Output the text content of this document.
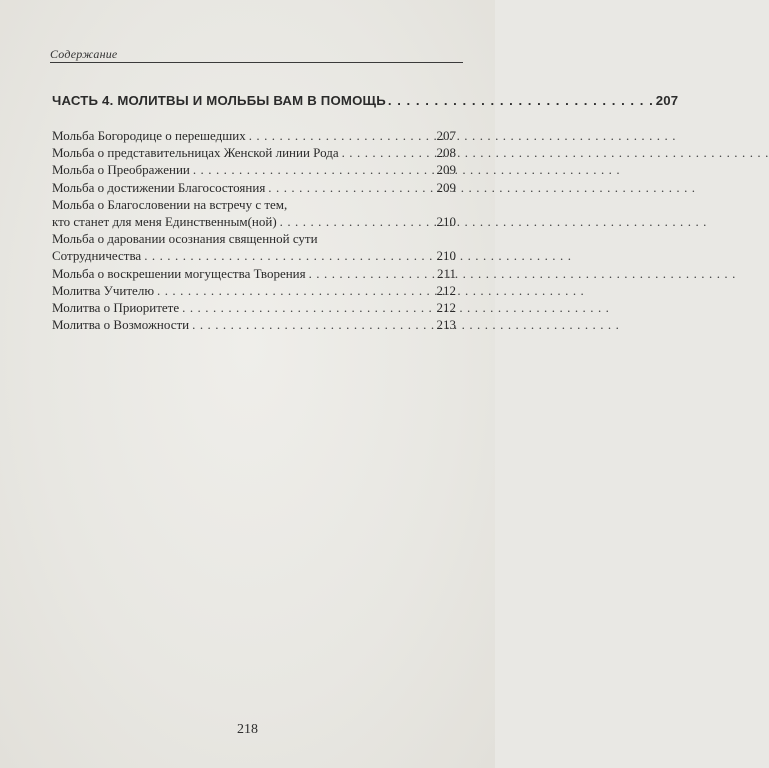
Содержание
ЧАСТЬ 4. МОЛИТВЫ И МОЛЬБЫ ВАМ В ПОМОЩЬ . . .	207
Мольба Богородице о перешедших . . .	207
Мольба о представительницах Женской линии Рода . . .	208
Мольба о Преображении . . .	209
Мольба о достижении Благосостояния . . .	209
Мольба о Благословении на встречу с тем,
кто станет для меня Единственным(ной) . . .	210
Мольба о даровании осознания священной сути
Сотрудничества . . .	210
Мольба о воскрешении могущества Творения . . .	211
Молитва Учителю . . .	212
Молитва о Приоритете . . .	212
Молитва о Возможности . . .	213
218
